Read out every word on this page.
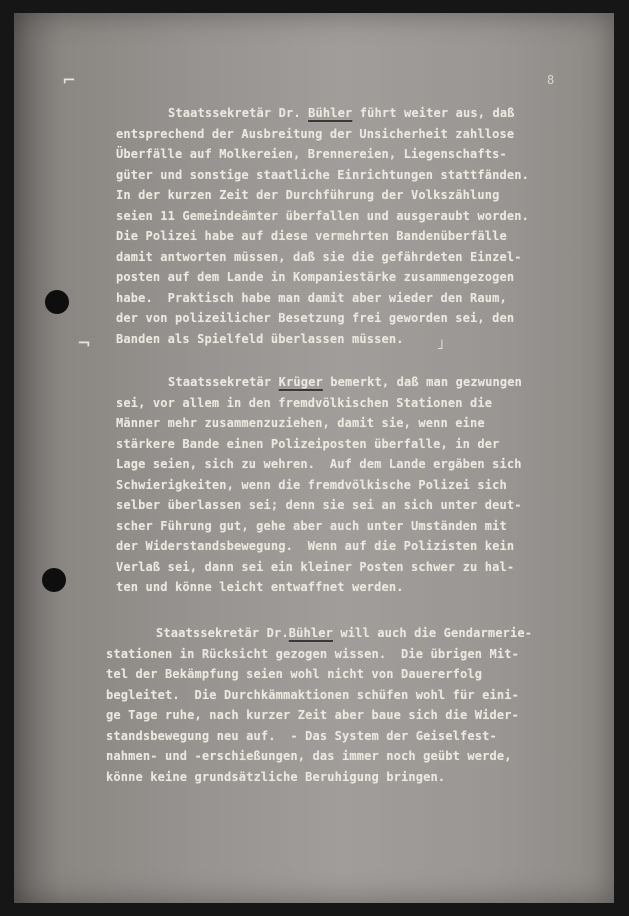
8
⌐
⌐	˩
Staatssekretär Dr. Bühler führt weiter aus, daß
entsprechend der Ausbreitung der Unsicherheit zahllose
Überfälle auf Molkereien, Brennereien, Liegenschafts-
güter und sonstige staatliche Einrichtungen stattfänden.
In der kurzen Zeit der Durchführung der Volkszählung
seien 11 Gemeindeämter überfallen und ausgeraubt worden.
Die Polizei habe auf diese vermehrten Bandenüberfälle
damit antworten müssen, daß sie die gefährdeten Einzel-
posten auf dem Lande in Kompaniestärke zusammengezogen
habe.  Praktisch habe man damit aber wieder den Raum,
der von polizeilicher Besetzung frei geworden sei, den
Banden als Spielfeld überlassen müssen.
Staatssekretär Krüger bemerkt, daß man gezwungen
sei, vor allem in den fremdvölkischen Stationen die
Männer mehr zusammenzuziehen, damit sie, wenn eine
stärkere Bande einen Polizeiposten überfalle, in der
Lage seien, sich zu wehren.  Auf dem Lande ergäben sich
Schwierigkeiten, wenn die fremdvölkische Polizei sich
selber überlassen sei; denn sie sei an sich unter deut-
scher Führung gut, gehe aber auch unter Umständen mit
der Widerstandsbewegung.  Wenn auf die Polizisten kein
Verlaß sei, dann sei ein kleiner Posten schwer zu hal-
ten und könne leicht entwaffnet werden.
Staatssekretär Dr.Bühler will auch die Gendarmerie-
stationen in Rücksicht gezogen wissen.  Die übrigen Mit-
tel der Bekämpfung seien wohl nicht von Dauererfolg
begleitet.  Die Durchkämmaktionen schüfen wohl für eini-
ge Tage ruhe, nach kurzer Zeit aber baue sich die Wider-
standsbewegung neu auf.  - Das System der Geiselfest-
nahmen- und -erschießungen, das immer noch geübt werde,
könne keine grundsätzliche Beruhigung bringen.
